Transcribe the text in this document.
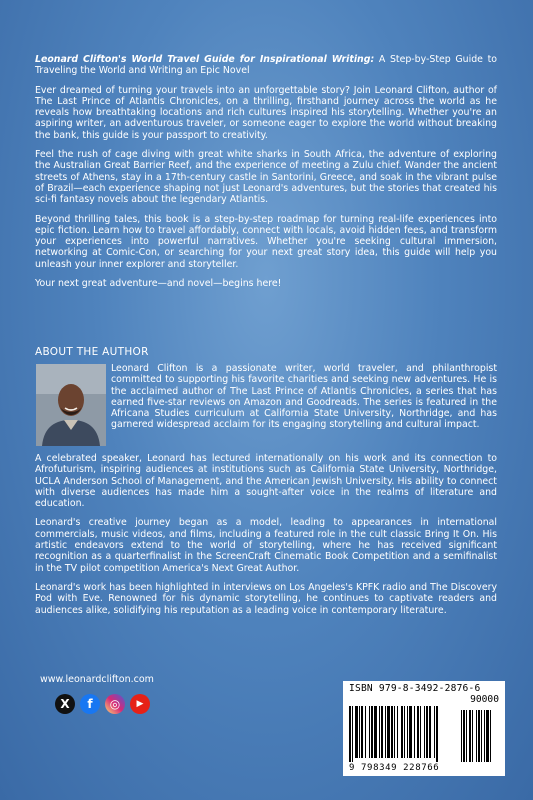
Leonard Clifton's World Travel Guide for Inspirational Writing: A Step-by-Step Guide to Traveling the World and Writing an Epic Novel

Ever dreamed of turning your travels into an unforgettable story? Join Leonard Clifton, author of The Last Prince of Atlantis Chronicles, on a thrilling, firsthand journey across the world as he reveals how breathtaking locations and rich cultures inspired his storytelling. Whether you're an aspiring writer, an adventurous traveler, or someone eager to explore the world without breaking the bank, this guide is your passport to creativity.

Feel the rush of cage diving with great white sharks in South Africa, the adventure of exploring the Australian Great Barrier Reef, and the experience of meeting a Zulu chief. Wander the ancient streets of Athens, stay in a 17th-century castle in Santorini, Greece, and soak in the vibrant pulse of Brazil—each experience shaping not just Leonard's adventures, but the stories that created his sci-fi fantasy novels about the legendary Atlantis.

Beyond thrilling tales, this book is a step-by-step roadmap for turning real-life experiences into epic fiction. Learn how to travel affordably, connect with locals, avoid hidden fees, and transform your experiences into powerful narratives. Whether you're seeking cultural immersion, networking at Comic-Con, or searching for your next great story idea, this guide will help you unleash your inner explorer and storyteller.

Your next great adventure—and novel—begins here!

ABOUT THE AUTHOR

Leonard Clifton is a passionate writer, world traveler, and philanthropist committed to supporting his favorite charities and seeking new adventures. He is the acclaimed author of The Last Prince of Atlantis Chronicles, a series that has earned five-star reviews on Amazon and Goodreads. The series is featured in the Africana Studies curriculum at California State University, Northridge, and has garnered widespread acclaim for its engaging storytelling and cultural impact.

A celebrated speaker, Leonard has lectured internationally on his work and its connection to Afrofuturism, inspiring audiences at institutions such as California State University, Northridge, UCLA Anderson School of Management, and the American Jewish University. His ability to connect with diverse audiences has made him a sought-after voice in the realms of literature and education.

Leonard's creative journey began as a model, leading to appearances in international commercials, music videos, and films, including a featured role in the cult classic Bring It On. His artistic endeavors extend to the world of storytelling, where he has received significant recognition as a quarterfinalist in the ScreenCraft Cinematic Book Competition and a semifinalist in the TV pilot competition America's Next Great Author.

Leonard's work has been highlighted in interviews on Los Angeles's KPFK radio and The Discovery Pod with Eve. Renowned for his dynamic storytelling, he continues to captivate readers and audiences alike, solidifying his reputation as a leading voice in contemporary literature.

www.leonardclifton.com
X f ◎ ▶
ISBN 979-8-3492-2876-6
90000
9 798349 228766
